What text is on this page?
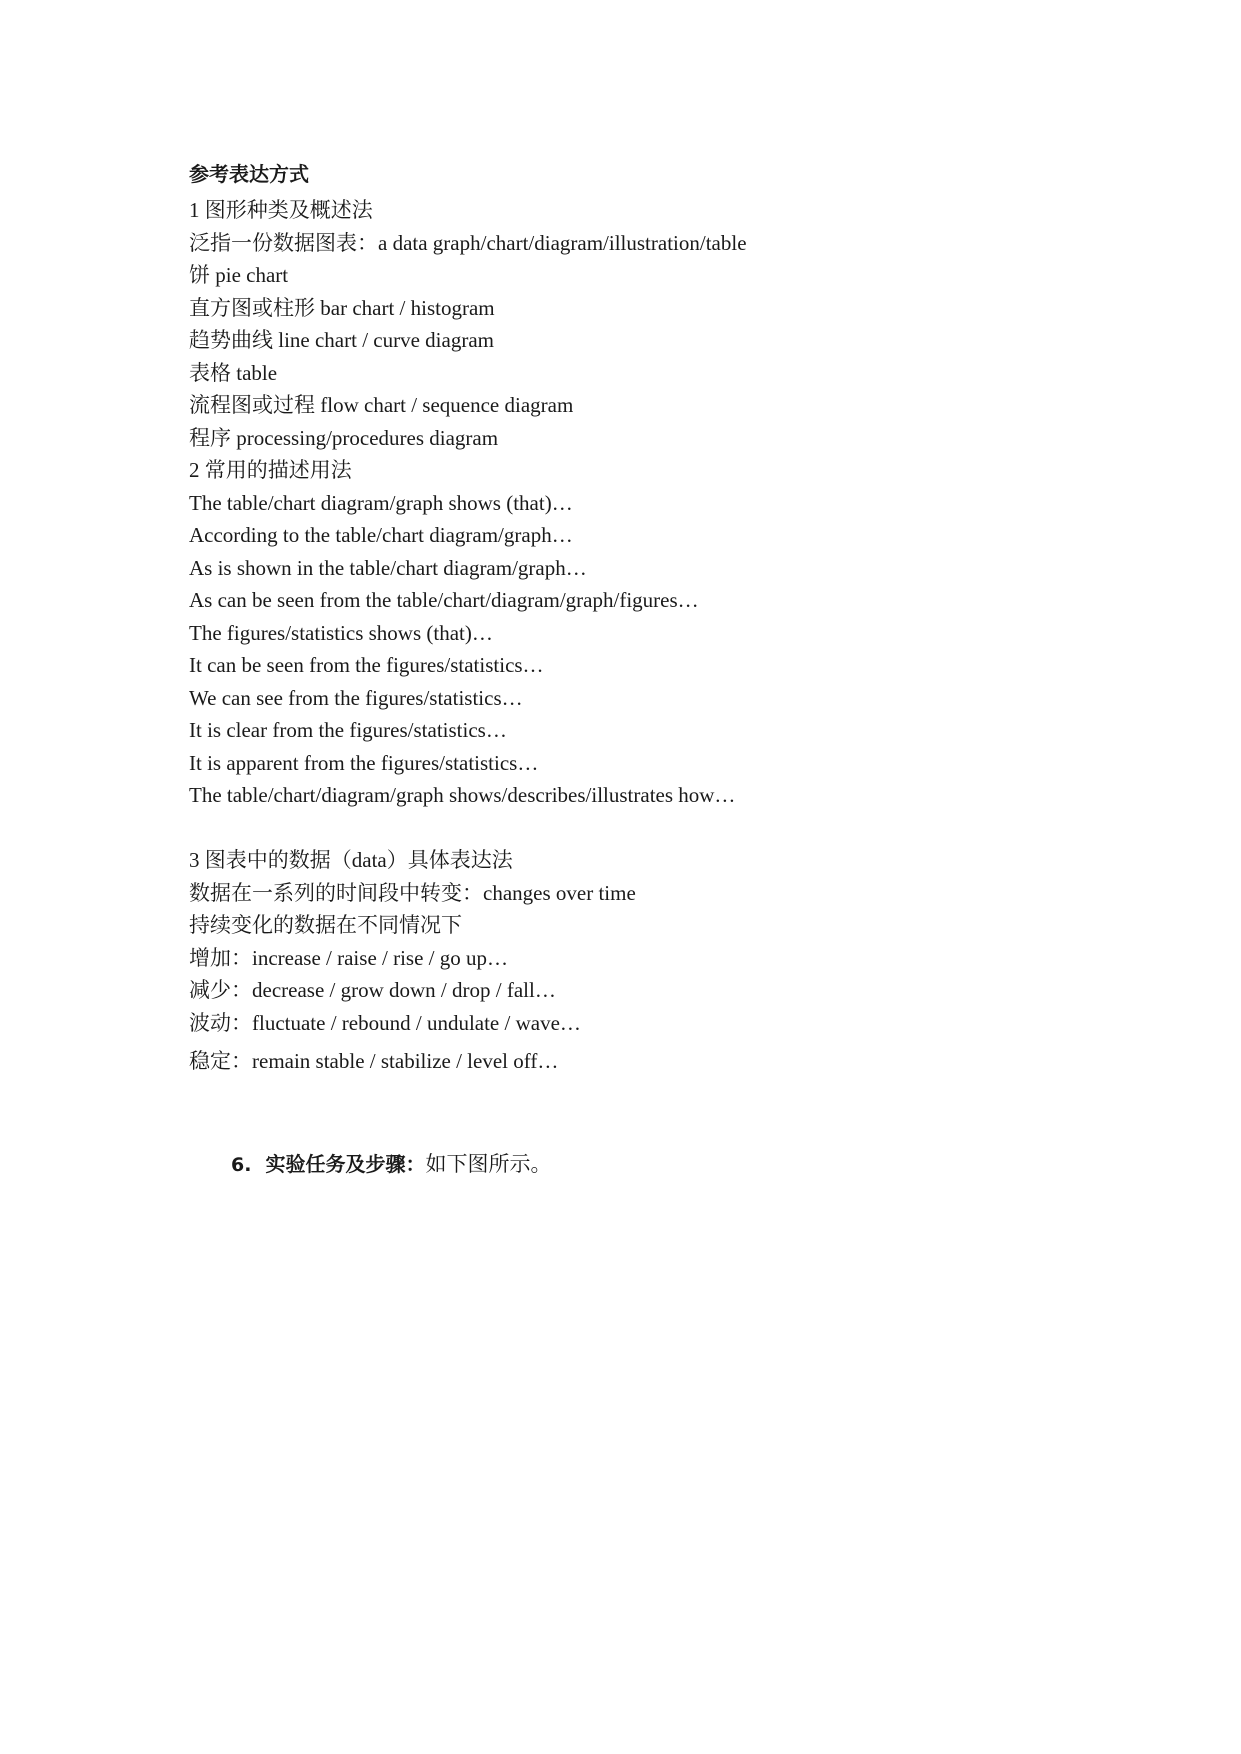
参考表达方式
1 图形种类及概述法
泛指一份数据图表：a data graph/chart/diagram/illustration/table
饼 pie chart
直方图或柱形 bar chart / histogram
趋势曲线 line chart / curve diagram
表格 table
流程图或过程 flow chart / sequence diagram
程序 processing/procedures diagram
2 常用的描述用法
The table/chart diagram/graph shows (that)…
According to the table/chart diagram/graph…
As is shown in the table/chart diagram/graph…
As can be seen from the table/chart/diagram/graph/figures…
The figures/statistics shows (that)…
It can be seen from the figures/statistics…
We can see from the figures/statistics…
It is clear from the figures/statistics…
It is apparent from the figures/statistics…
The table/chart/diagram/graph shows/describes/illustrates how…
3 图表中的数据（data）具体表达法
数据在一系列的时间段中转变：changes over time
持续变化的数据在不同情况下
增加：increase / raise / rise / go up…
减少：decrease / grow down / drop / fall…
波动：fluctuate / rebound / undulate / wave…
稳定：remain stable / stabilize / level off…
6. 实验任务及步骤：如下图所示。
